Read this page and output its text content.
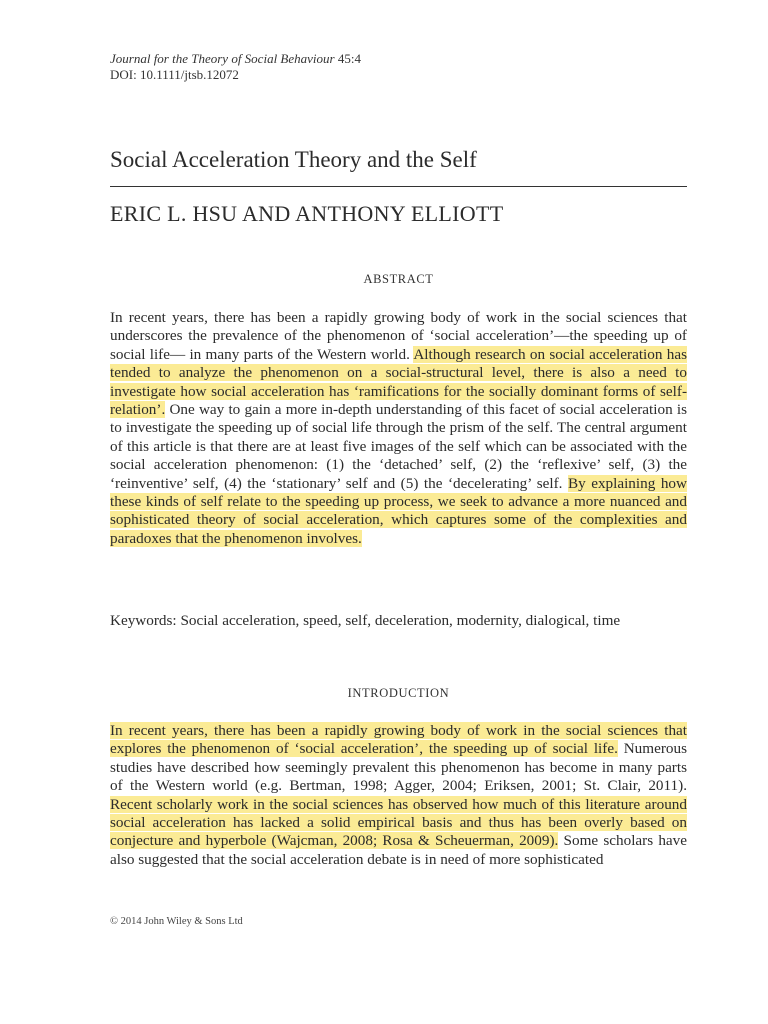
Journal for the Theory of Social Behaviour 45:4
DOI: 10.1111/jtsb.12072
Social Acceleration Theory and the Self
ERIC L. HSU AND ANTHONY ELLIOTT
ABSTRACT
In recent years, there has been a rapidly growing body of work in the social sciences that underscores the prevalence of the phenomenon of ‘social acceleration’—the speeding up of social life— in many parts of the Western world. Although research on social acceleration has tended to analyze the phenomenon on a social-structural level, there is also a need to investigate how social acceleration has ‘ramifications for the socially dominant forms of self-relation’. One way to gain a more in-depth understanding of this facet of social acceleration is to investigate the speeding up of social life through the prism of the self. The central argument of this article is that there are at least five images of the self which can be associated with the social acceleration phenomenon: (1) the ‘detached’ self, (2) the ‘reflexive’ self, (3) the ‘reinventive’ self, (4) the ‘stationary’ self and (5) the ‘decelerating’ self. By explaining how these kinds of self relate to the speeding up process, we seek to advance a more nuanced and sophisticated theory of social acceleration, which captures some of the complexities and paradoxes that the phenomenon involves.
Keywords: Social acceleration, speed, self, deceleration, modernity, dialogical, time
INTRODUCTION
In recent years, there has been a rapidly growing body of work in the social sciences that explores the phenomenon of ‘social acceleration’, the speeding up of social life. Numerous studies have described how seemingly prevalent this phenomenon has become in many parts of the Western world (e.g. Bertman, 1998; Agger, 2004; Eriksen, 2001; St. Clair, 2011). Recent scholarly work in the social sciences has observed how much of this literature around social acceleration has lacked a solid empirical basis and thus has been overly based on conjecture and hyperbole (Wajcman, 2008; Rosa & Scheuerman, 2009). Some scholars have also suggested that the social acceleration debate is in need of more sophisticated
© 2014 John Wiley & Sons Ltd
